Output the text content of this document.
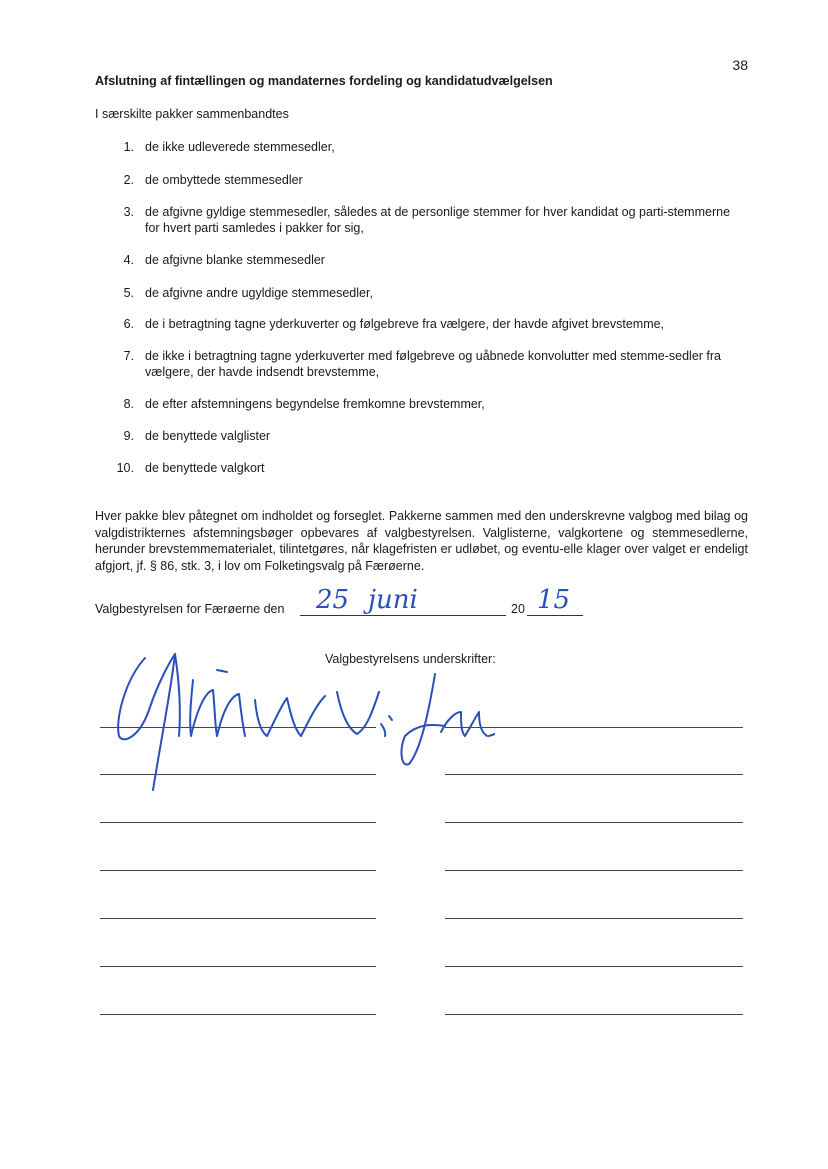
38
Afslutning af fintællingen og mandaternes fordeling og kandidatudvælgelsen
I særskilte pakker sammenbandtes
1. de ikke udleverede stemmesedler,
2. de ombyttede stemmesedler
3. de afgivne gyldige stemmesedler, således at de personlige stemmer for hver kandidat og parti-stemmerne for hvert parti samledes i pakker for sig,
4. de afgivne blanke stemmesedler
5. de afgivne andre ugyldige stemmesedler,
6. de i betragtning tagne yderkuverter og følgebreve fra vælgere, der havde afgivet brevstemme,
7. de ikke i betragtning tagne yderkuverter med følgebreve og uåbnede konvolutter med stemme-sedler fra vælgere, der havde indsendt brevstemme,
8. de efter afstemningens begyndelse fremkomne brevstemmer,
9. de benyttede valglister
10. de benyttede valgkort
Hver pakke blev påtegnet om indholdet og forseglet. Pakkerne sammen med den underskrevne valgbog med bilag og valgdistrikternes afstemningsbøger opbevares af valgbestyrelsen. Valglisterne, valgkortene og stemmesedlerne, herunder brevstemmematerialet, tilintetgøres, når klagefristen er udløbet, og eventu-elle klager over valget er endeligt afgjort, jf. § 86, stk. 3, i lov om Folketingsvalg på Færøerne.
Valgbestyrelsen for Færøerne den	20
25 juni	15
Valgbestyrelsens underskrifter:
